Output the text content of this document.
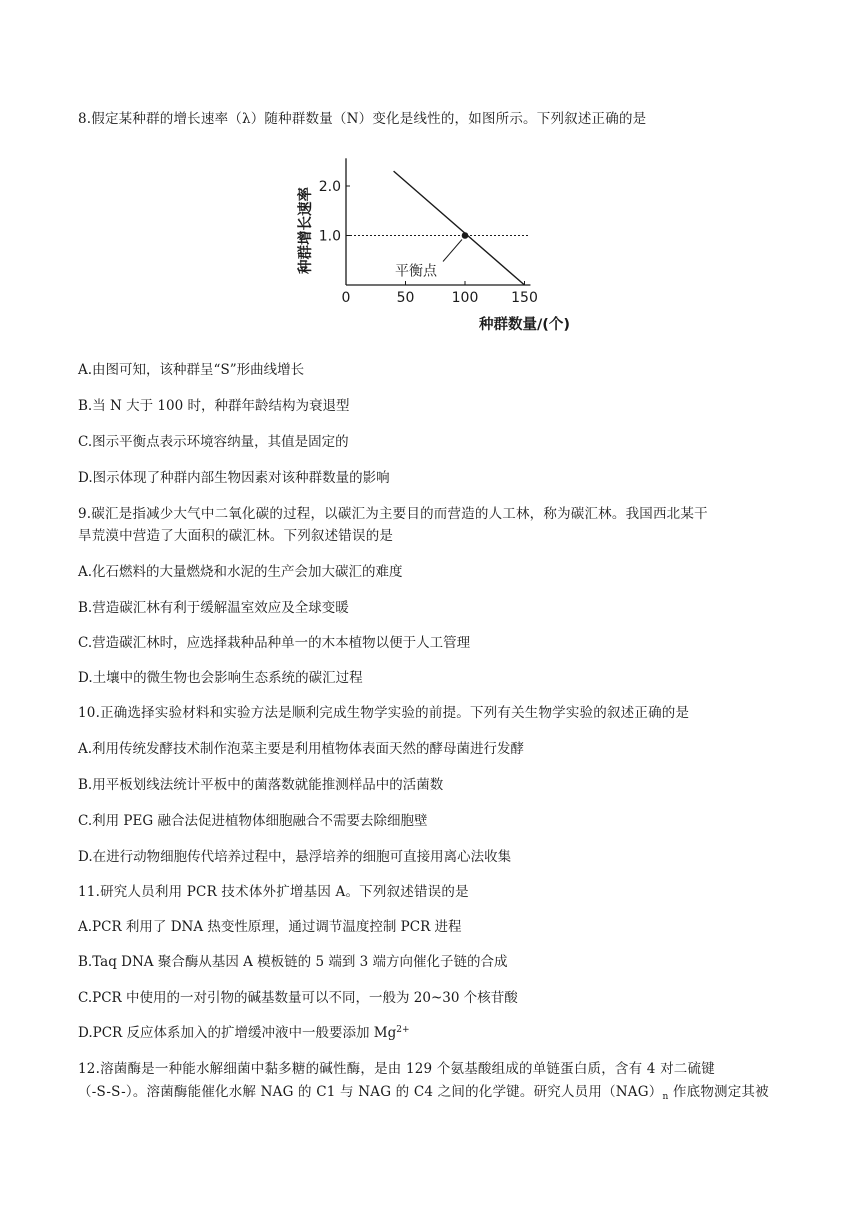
8.假定某种群的增长速率（λ）随种群数量（N）变化是线性的，如图所示。下列叙述正确的是
0	50	100 150
1.0
2.0
种群增长速率
种群数量/(个)
平衡点
A.由图可知，该种群呈“S”形曲线增长
B.当 N 大于 100 时，种群年龄结构为衰退型
C.图示平衡点表示环境容纳量，其值是固定的
D.图示体现了种群内部生物因素对该种群数量的影响
9.碳汇是指减少大气中二氧化碳的过程，以碳汇为主要目的而营造的人工林，称为碳汇林。我国西北某干
旱荒漠中营造了大面积的碳汇林。下列叙述错误的是
A.化石燃料的大量燃烧和水泥的生产会加大碳汇的难度
B.营造碳汇林有利于缓解温室效应及全球变暖
C.营造碳汇林时，应选择栽种品种单一的木本植物以便于人工管理
D.土壤中的微生物也会影响生态系统的碳汇过程
10.正确选择实验材料和实验方法是顺利完成生物学实验的前提。下列有关生物学实验的叙述正确的是
A.利用传统发酵技术制作泡菜主要是利用植物体表面天然的酵母菌进行发酵
B.用平板划线法统计平板中的菌落数就能推测样品中的活菌数
C.利用 PEG 融合法促进植物体细胞融合不需要去除细胞壁
D.在进行动物细胞传代培养过程中，悬浮培养的细胞可直接用离心法收集
11.研究人员利用 PCR 技术体外扩增基因 A。下列叙述错误的是
A.PCR 利用了 DNA 热变性原理，通过调节温度控制 PCR 进程
B.Taq DNA 聚合酶从基因 A 模板链的 5 端到 3 端方向催化子链的合成
C.PCR 中使用的一对引物的碱基数量可以不同，一般为 20~30 个核苷酸
D.PCR 反应体系加入的扩增缓冲液中一般要添加 $Mg^{2+}$
12.溶菌酶是一种能水解细菌中黏多糖的碱性酶，是由 129 个氨基酸组成的单链蛋白质，含有 4 对二硫键
（-S-S-）。溶菌酶能催化水解 NAG 的 C1 与 NAG 的 C4 之间的化学键。研究人员用$(NAG)_n$ 作底物测定其被
